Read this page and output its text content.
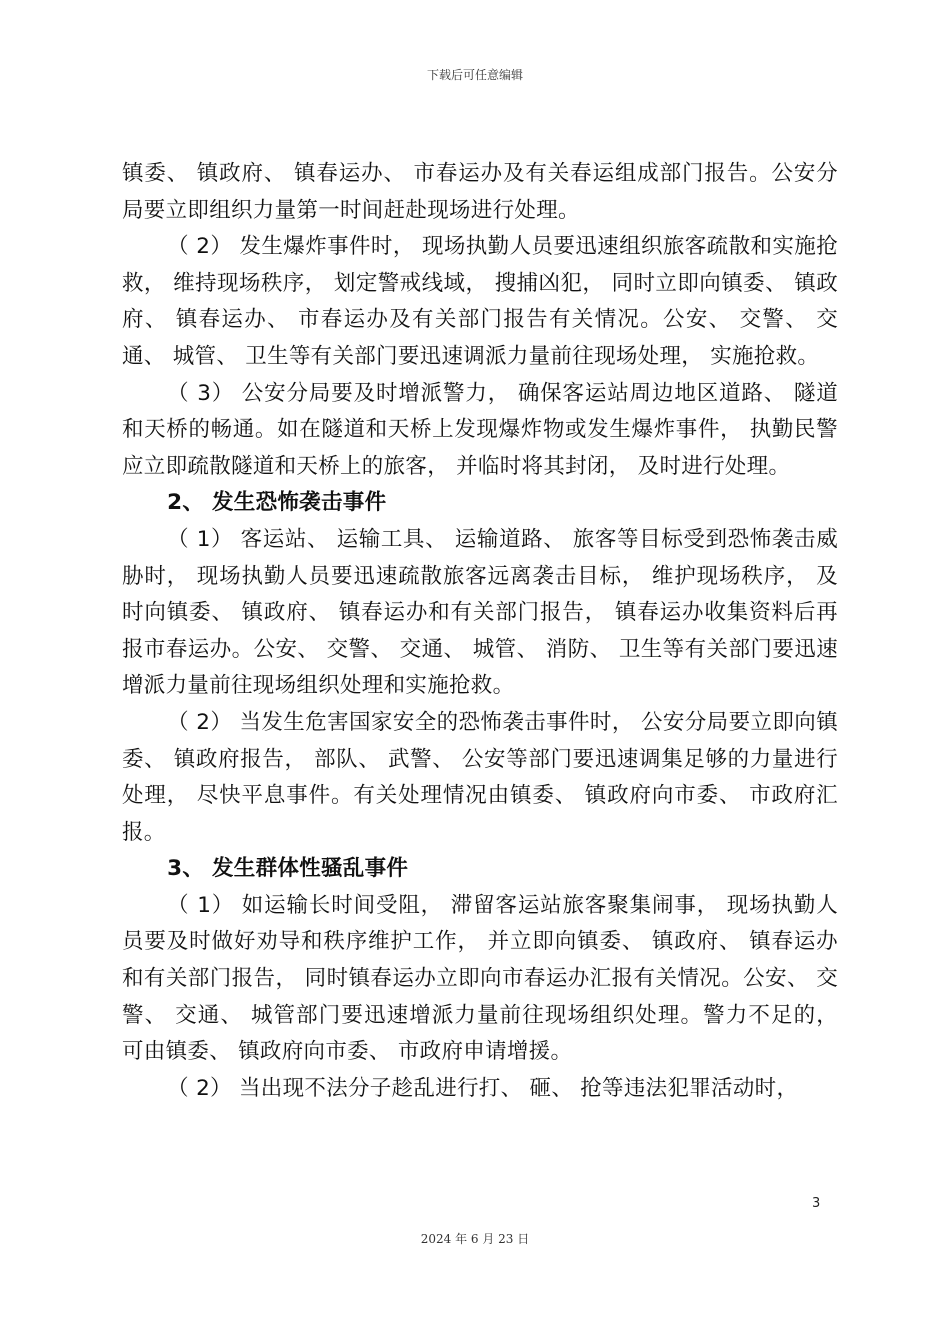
下载后可任意编辑

镇委、 镇政府、 镇春运办、 市春运办及有关春运组成部门报告。公安分局要立即组织力量第一时间赶赴现场进行处理。

（ 2） 发生爆炸事件时， 现场执勤人员要迅速组织旅客疏散和实施抢救， 维持现场秩序， 划定警戒线域， 搜捕凶犯， 同时立即向镇委、 镇政府、 镇春运办、 市春运办及有关部门报告有关情况。公安、 交警、 交通、 城管、 卫生等有关部门要迅速调派力量前往现场处理， 实施抢救。

（ 3） 公安分局要及时增派警力， 确保客运站周边地区道路、 隧道和天桥的畅通。如在隧道和天桥上发现爆炸物或发生爆炸事件， 执勤民警应立即疏散隧道和天桥上的旅客， 并临时将其封闭， 及时进行处理。

2、 发生恐怖袭击事件

（ 1） 客运站、 运输工具、 运输道路、 旅客等目标受到恐怖袭击威胁时， 现场执勤人员要迅速疏散旅客远离袭击目标， 维护现场秩序， 及时向镇委、 镇政府、 镇春运办和有关部门报告， 镇春运办收集资料后再报市春运办。公安、 交警、 交通、 城管、 消防、 卫生等有关部门要迅速增派力量前往现场组织处理和实施抢救。

（ 2） 当发生危害国家安全的恐怖袭击事件时， 公安分局要立即向镇委、 镇政府报告， 部队、 武警、 公安等部门要迅速调集足够的力量进行处理， 尽快平息事件。有关处理情况由镇委、 镇政府向市委、 市政府汇报。

3、 发生群体性骚乱事件

（ 1） 如运输长时间受阻， 滞留客运站旅客聚集闹事， 现场执勤人员要及时做好劝导和秩序维护工作， 并立即向镇委、 镇政府、 镇春运办和有关部门报告， 同时镇春运办立即向市春运办汇报有关情况。公安、 交警、 交通、 城管部门要迅速增派力量前往现场组织处理。警力不足的， 可由镇委、 镇政府向市委、 市政府申请增援。

（ 2） 当出现不法分子趁乱进行打、 砸、 抢等违法犯罪活动时，

3
2024 年 6 月 23 日
